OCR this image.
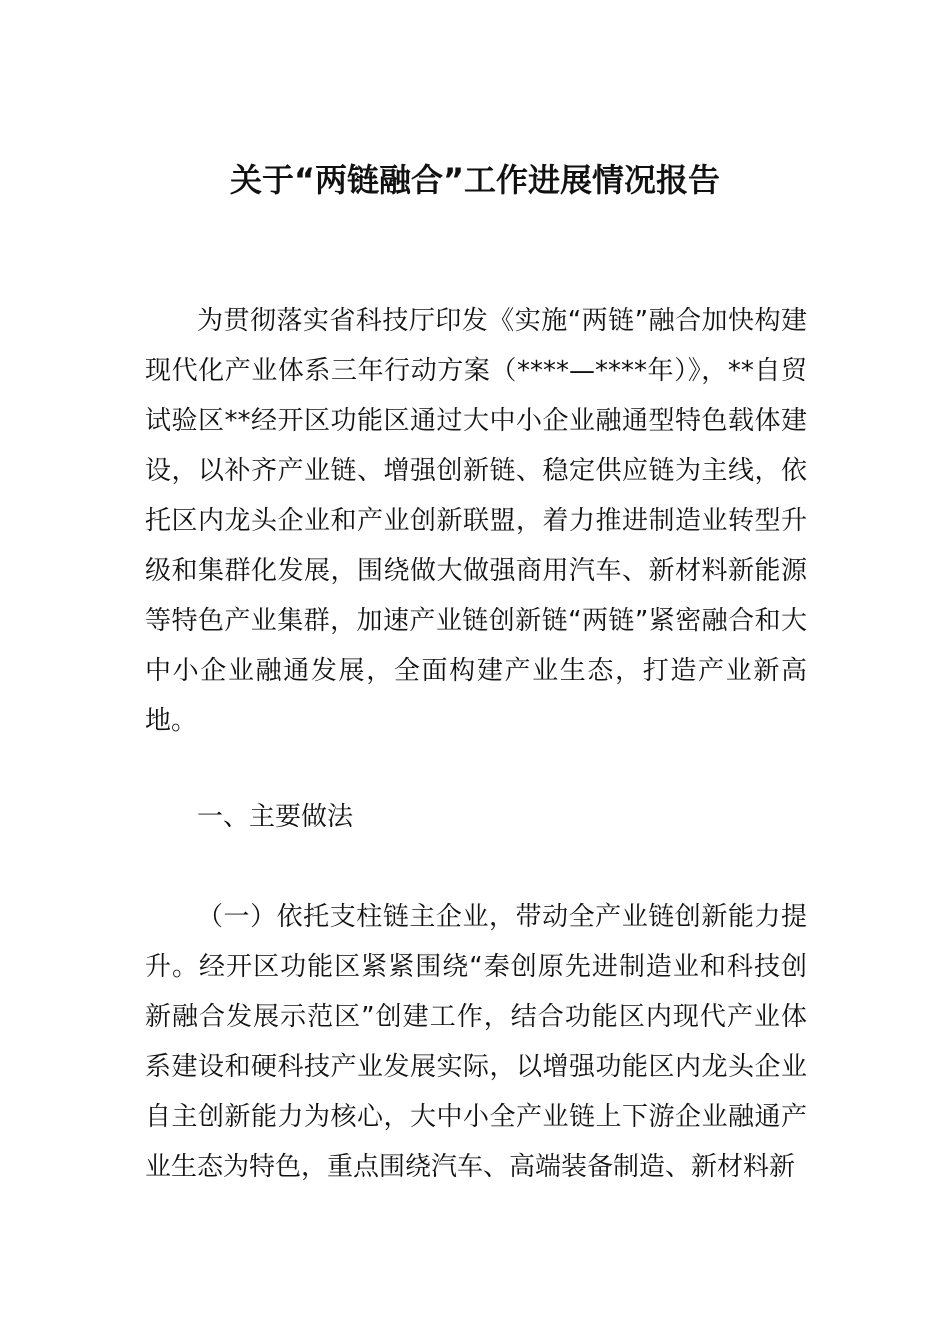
关于“两链融合”工作进展情况报告

为贯彻落实省科技厅印发《实施“两链”融合加快构建现代化产业体系三年行动方案（****—****年）》，**自贸试验区**经开区功能区通过大中小企业融通型特色载体建设，以补齐产业链、增强创新链、稳定供应链为主线，依托区内龙头企业和产业创新联盟，着力推进制造业转型升级和集群化发展，围绕做大做强商用汽车、新材料新能源等特色产业集群，加速产业链创新链“两链”紧密融合和大中小企业融通发展，全面构建产业生态，打造产业新高地。

一、主要做法

（一）依托支柱链主企业，带动全产业链创新能力提升。经开区功能区紧紧围绕“秦创原先进制造业和科技创新融合发展示范区”创建工作，结合功能区内现代产业体系建设和硬科技产业发展实际，以增强功能区内龙头企业自主创新能力为核心，大中小全产业链上下游企业融通产业生态为特色，重点围绕汽车、高端装备制造、新材料新
